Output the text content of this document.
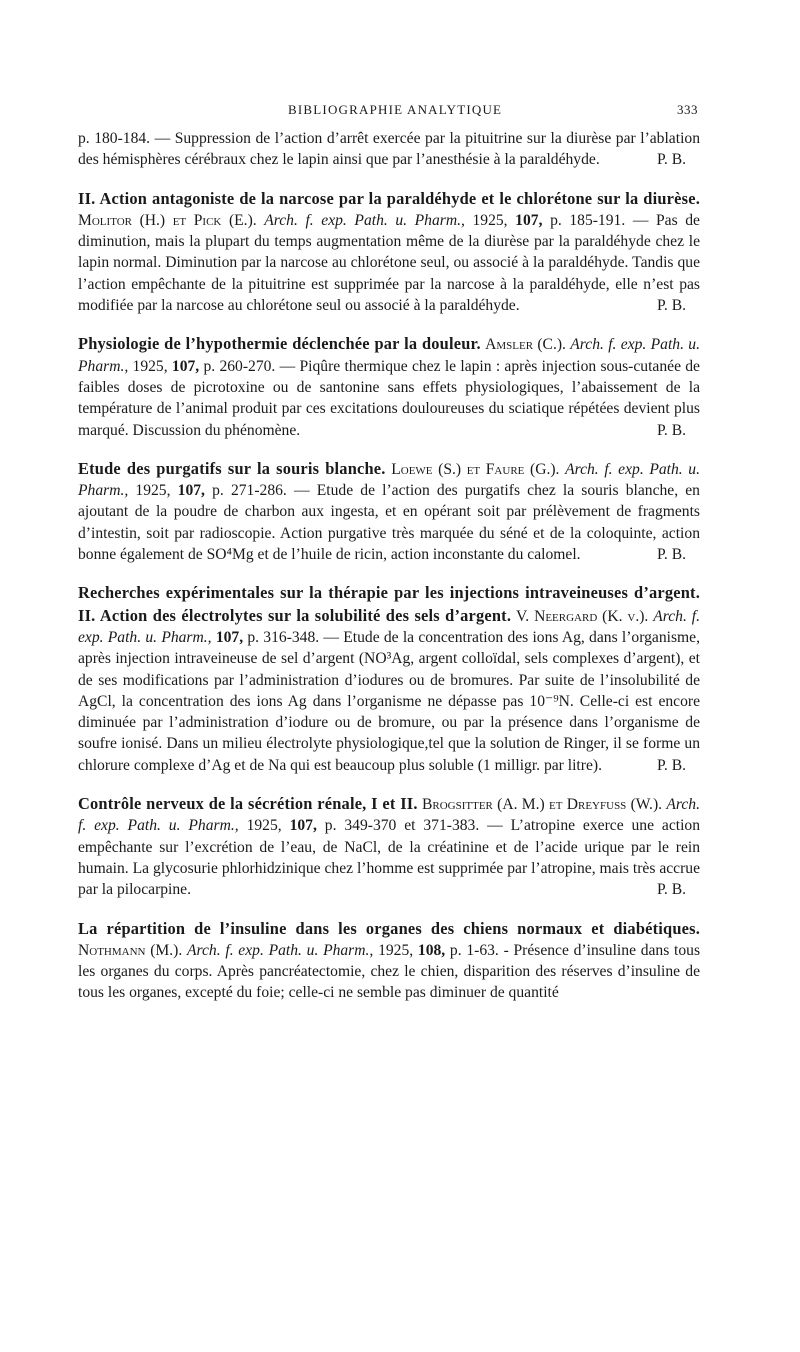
BIBLIOGRAPHIE ANALYTIQUE	333

p. 180-184. — Suppression de l’action d’arrêt exercée par la pituitrine sur la diurèse par l’ablation des hémisphères cérébraux chez le lapin ainsi que par l’anesthésie à la paraldéhyde.	P. B.

II. Action antagoniste de la narcose par la paraldéhyde et le chlorétone sur la diurèse. Molitor (H.) et Pick (E.). Arch. f. exp. Path. u. Pharm., 1925, 107, p. 185-191. — Pas de diminution, mais la plupart du temps augmentation même de la diurèse par la paraldéhyde chez le lapin normal. Diminution par la narcose au chlorétone seul, ou associé à la paraldéhyde. Tandis que l’action empêchante de la pituitrine est supprimée par la narcose à la paraldéhyde, elle n’est pas modifiée par la narcose au chlorétone seul ou associé à la paraldéhyde.	P. B.

Physiologie de l’hypothermie déclenchée par la douleur. Amsler (C.). Arch. f. exp. Path. u. Pharm., 1925, 107, p. 260-270. — Piqûre thermique chez le lapin : après injection sous-cutanée de faibles doses de picrotoxine ou de santonine sans effets physiologiques, l’abaissement de la température de l’animal produit par ces excitations douloureuses du sciatique répétées devient plus marqué. Discussion du phénomène.	P. B.

Etude des purgatifs sur la souris blanche. Loewe (S.) et Faure (G.). Arch. f. exp. Path. u. Pharm., 1925, 107, p. 271-286. — Etude de l’action des purgatifs chez la souris blanche, en ajoutant de la poudre de charbon aux ingesta, et en opérant soit par prélèvement de fragments d’intestin, soit par radioscopie. Action purgative très marquée du séné et de la coloquinte, action bonne également de SO⁴Mg et de l’huile de ricin, action inconstante du calomel.	P. B.

Recherches expérimentales sur la thérapie par les injections intraveineuses d’argent. II. Action des électrolytes sur la solubilité des sels d’argent. V. Neergard (K. v.). Arch. f. exp. Path. u. Pharm., 107, p. 316-348. — Etude de la concentration des ions Ag, dans l’organisme, après injection intraveineuse de sel d’argent (NO³Ag, argent colloïdal, sels complexes d’argent), et de ses modifications par l’administration d’iodures ou de bromures. Par suite de l’insolubilité de AgCl, la concentration des ions Ag dans l’organisme ne dépasse pas 10⁻⁹N. Celle-ci est encore diminuée par l’administration d’iodure ou de bromure, ou par la présence dans l’organisme de soufre ionisé. Dans un milieu électrolyte physiologique,tel que la solution de Ringer, il se forme un chlorure complexe d’Ag et de Na qui est beaucoup plus soluble (1 milligr. par litre).	P. B.

Contrôle nerveux de la sécrétion rénale, I et II. Brogsitter (A. M.) et Dreyfuss (W.). Arch. f. exp. Path. u. Pharm., 1925, 107, p. 349-370 et 371-383. — L’atropine exerce une action empêchante sur l’excrétion de l’eau, de NaCl, de la créatinine et de l’acide urique par le rein humain. La glycosurie phlorhidzinique chez l’homme est supprimée par l’atropine, mais très accrue par la pilocarpine.	P. B.

La répartition de l’insuline dans les organes des chiens normaux et diabétiques. Nothmann (M.). Arch. f. exp. Path. u. Pharm., 1925, 108, p. 1-63. - Présence d’insuline dans tous les organes du corps. Après pancréatectomie, chez le chien, disparition des réserves d’insuline de tous les organes, excepté du foie; celle-ci ne semble pas diminuer de quantité
